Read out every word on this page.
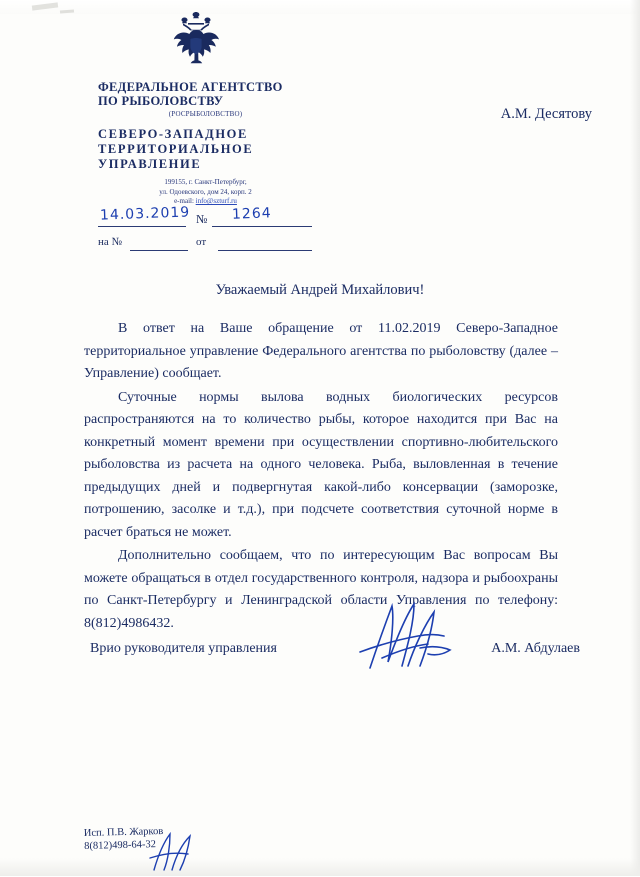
ФЕДЕРАЛЬНОЕ АГЕНТСТВО
ПО РЫБОЛОВСТВУ
(РОСРЫБОЛОВСТВО)
СЕВЕРО-ЗАПАДНОЕ
ТЕРРИТОРИАЛЬНОЕ
УПРАВЛЕНИЕ
199155, г. Санкт-Петербург,
ул. Одоевского, дом 24, корп. 2
e-mail: info@szturf.ru
14.03.2019 № 1264
на №	от
А.М. Десятову
Уважаемый Андрей Михайлович!

В ответ на Ваше обращение от 11.02.2019 Северо-Западное территориальное управление Федерального агентства по рыболовству (далее – Управление) сообщает.

Суточные нормы вылова водных биологических ресурсов распространяются на то количество рыбы, которое находится при Вас на конкретный момент времени при осуществлении спортивно-любительского рыболовства из расчета на одного человека. Рыба, выловленная в течение предыдущих дней и подвергнутая какой-либо консервации (заморозке, потрошению, засолке и т.д.), при подсчете соответствия суточной норме в расчет браться не может.

Дополнительно сообщаем, что по интересующим Вас вопросам Вы можете обращаться в отдел государственного контроля, надзора и рыбоохраны по Санкт-Петербургу и Ленинградской области Управления по телефону: 8(812)4986432.

Врио руководителя управления	А.М. Абдулаев
Исп. П.В. Жарков
8(812)498-64-32
